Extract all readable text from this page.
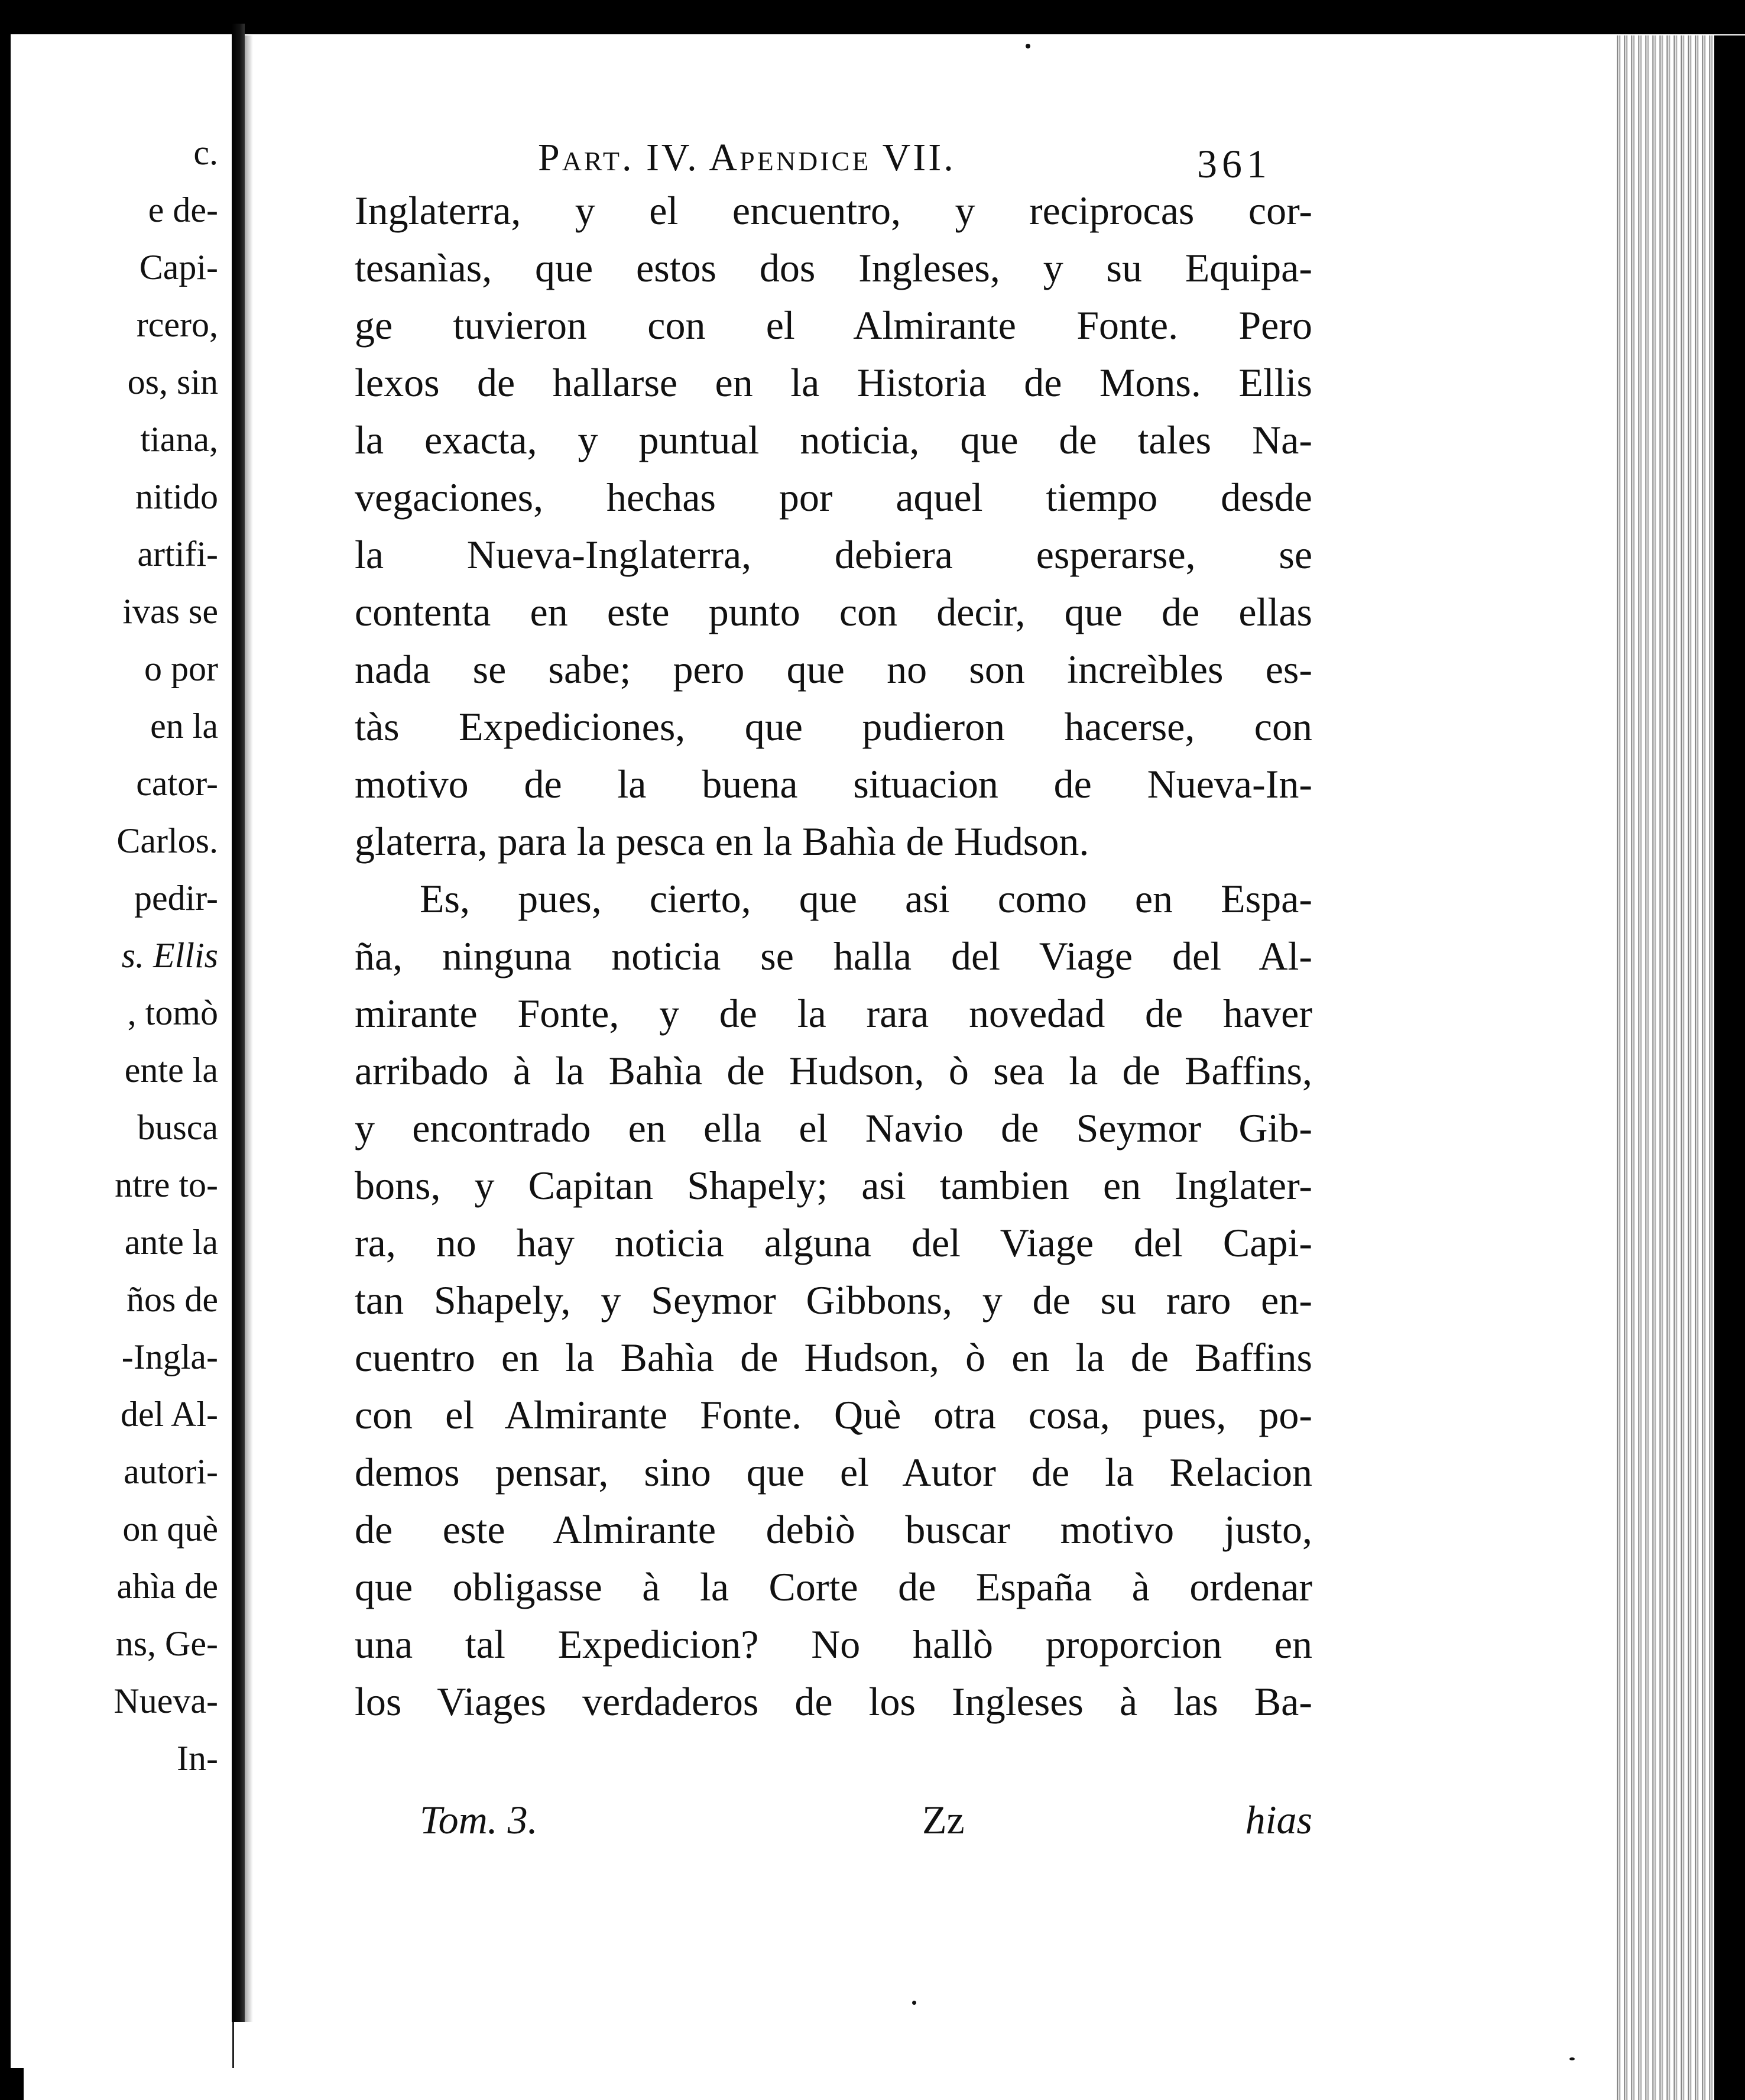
c.
e de-
Capi-
rcero,
os, sin
tiana,
nitido
artifi-
ivas se
o por
en la
cator-
Carlos.
pedir-
s. Ellis
, tomò
ente la
busca
ntre to-
ante la
ños de
-Ingla-
del Al-
autori-
on què
ahìa de
ns, Ge-
Nueva-
In-
Part. IV. Apendice VII.	361
Inglaterra, y el encuentro, y reciprocas cor-
tesanìas, que estos dos Ingleses, y su Equipa-
ge tuvieron con el Almirante Fonte. Pero
lexos de hallarse en la Historia de Mons. Ellis
la exacta, y puntual noticia, que de tales Na-
vegaciones, hechas por aquel tiempo desde
la Nueva-Inglaterra, debiera esperarse, se
contenta en este punto con decir, que de ellas
nada se sabe; pero que no son increìbles es-
tàs Expediciones, que pudieron hacerse, con
motivo de la buena situacion de Nueva-In-
glaterra, para la pesca en la Bahìa de Hudson.
Es, pues, cierto, que asi como en Espa-
ña, ninguna noticia se halla del Viage del Al-
mirante Fonte, y de la rara novedad de haver
arribado à la Bahìa de Hudson, ò sea la de Baffins,
y encontrado en ella el Navio de Seymor Gib-
bons, y Capitan Shapely; asi tambien en Inglater-
ra, no hay noticia alguna del Viage del Capi-
tan Shapely, y Seymor Gibbons, y de su raro en-
cuentro en la Bahìa de Hudson, ò en la de Baffins
con el Almirante Fonte. Què otra cosa, pues, po-
demos pensar, sino que el Autor de la Relacion
de este Almirante debiò buscar motivo justo,
que obligasse à la Corte de España à ordenar
una tal Expedicion? No hallò proporcion en
los Viages verdaderos de los Ingleses à las Ba-
Tom. 3.	Zz	hias
